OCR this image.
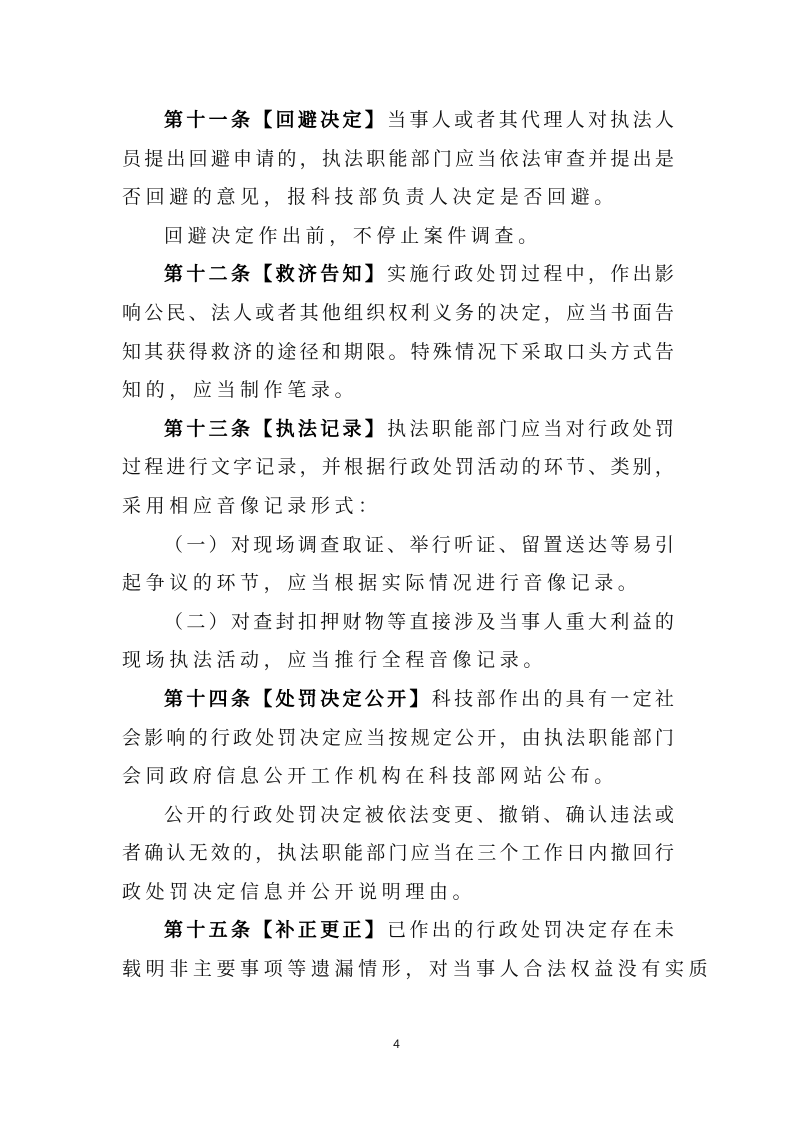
第 十 一 条 【 回 避 决 定 】 当 事 人 或 者 其 代 理 人 对 执 法 人
员 提 出 回 避 申 请 的 ， 执 法 职 能 部 门 应 当 依 法 审 查 并 提 出 是
否 回 避 的 意 见 ， 报 科 技 部 负 责 人 决 定 是 否 回 避 。
回 避 决 定 作 出 前 ， 不 停 止 案 件 调 查 。
第 十 二 条 【 救 济 告 知 】 实 施 行 政 处 罚 过 程 中 ， 作 出 影
响 公 民 、 法 人 或 者 其 他 组 织 权 利 义 务 的 决 定 ， 应 当 书 面 告
知 其 获 得 救 济 的 途 径 和 期 限 。 特 殊 情 况 下 采 取 口 头 方 式 告
知 的 ， 应 当 制 作 笔 录 。
第 十 三 条 【 执 法 记 录 】 执 法 职 能 部 门 应 当 对 行 政 处 罚
过 程 进 行 文 字 记 录 ， 并 根 据 行 政 处 罚 活 动 的 环 节 、 类 别 ，
采 用 相 应 音 像 记 录 形 式 ：
（ 一 ） 对 现 场 调 查 取 证 、 举 行 听 证 、 留 置 送 达 等 易 引
起 争 议 的 环 节 ， 应 当 根 据 实 际 情 况 进 行 音 像 记 录 。
（ 二 ） 对 查 封 扣 押 财 物 等 直 接 涉 及 当 事 人 重 大 利 益 的
现 场 执 法 活 动 ， 应 当 推 行 全 程 音 像 记 录 。
第 十 四 条 【 处 罚 决 定 公 开 】 科 技 部 作 出 的 具 有 一 定 社
会 影 响 的 行 政 处 罚 决 定 应 当 按 规 定 公 开 ， 由 执 法 职 能 部 门
会 同 政 府 信 息 公 开 工 作 机 构 在 科 技 部 网 站 公 布 。
公 开 的 行 政 处 罚 决 定 被 依 法 变 更 、 撤 销 、 确 认 违 法 或
者 确 认 无 效 的 ， 执 法 职 能 部 门 应 当 在 三 个 工 作 日 内 撤 回 行
政 处 罚 决 定 信 息 并 公 开 说 明 理 由 。
第 十 五 条 【 补 正 更 正 】 已 作 出 的 行 政 处 罚 决 定 存 在 未
载 明 非 主 要 事 项 等 遗 漏 情 形 ， 对 当 事 人 合 法 权 益 没 有 实 质
4
